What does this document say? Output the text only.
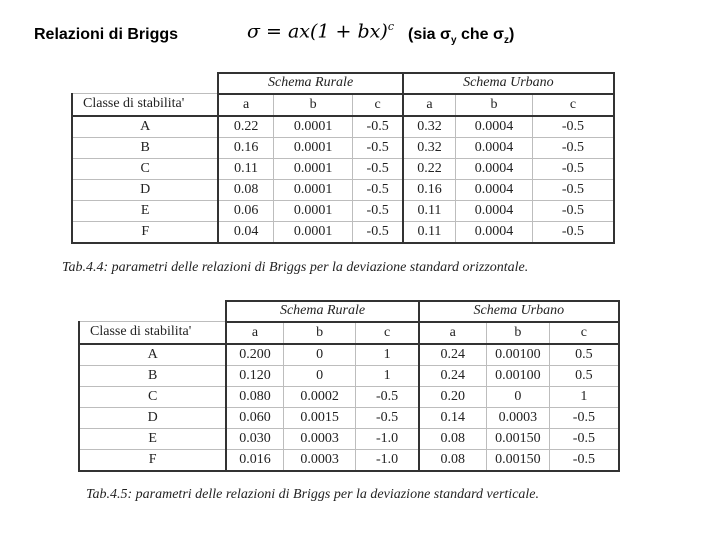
Relazioni di Briggs	σ = ax(1 + bx)$^c$ (sia $\sigma_y$ che $\sigma_z$)
	Schema Rurale			Schema Urbano		
Classe di stabilita'	a	b	c	a	b	c
A	0.22	0.0001	-0.5	0.32	0.0004	-0.5
B	0.16	0.0001	-0.5	0.32	0.0004	-0.5
C	0.11	0.0001	-0.5	0.22	0.0004	-0.5
D	0.08	0.0001	-0.5	0.16	0.0004	-0.5
E	0.06	0.0001	-0.5	0.11	0.0004	-0.5
F	0.04	0.0001	-0.5	0.11	0.0004	-0.5
Tab.4.4: parametri delle relazioni di Briggs per la deviazione standard orizzontale.
	Schema Rurale			Schema Urbano		
Classe di stabilita'	a	b	c	a	b	c
A	0.200	0	1	0.24	0.00100	0.5
B	0.120	0	1	0.24	0.00100	0.5
C	0.080	0.0002	-0.5	0.20	0	1
D	0.060	0.0015	-0.5	0.14	0.0003	-0.5
E	0.030	0.0003	-1.0	0.08	0.00150	-0.5
F	0.016	0.0003	-1.0	0.08	0.00150	-0.5
Tab.4.5: parametri delle relazioni di Briggs per la deviazione standard verticale.
